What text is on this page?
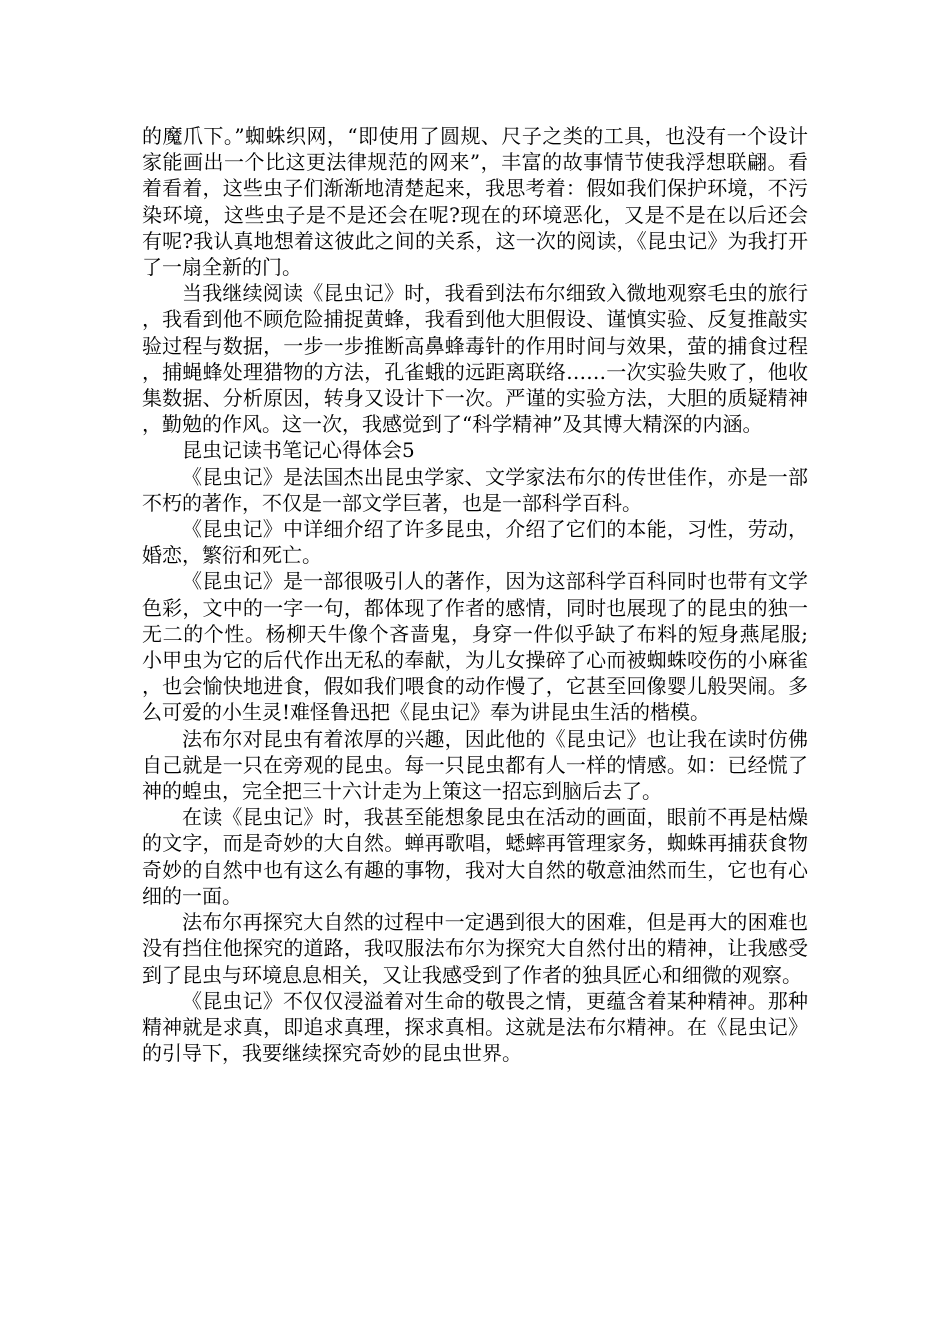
的魔爪下。”蜘蛛织网，“即使用了圆规、尺子之类的工具，也没有一个设计家能画出一个比这更法律规范的网来”，丰富的故事情节使我浮想联翩。看着看着，这些虫子们渐渐地清楚起来，我思考着：假如我们保护环境，不污染环境，这些虫子是不是还会在呢?现在的环境恶化，又是不是在以后还会有呢?我认真地想着这彼此之间的关系，这一次的阅读，《昆虫记》为我打开了一扇全新的门。

当我继续阅读《昆虫记》时，我看到法布尔细致入微地观察毛虫的旅行，我看到他不顾危险捕捉黄蜂，我看到他大胆假设、谨慎实验、反复推敲实验过程与数据，一步一步推断高鼻蜂毒针的作用时间与效果，萤的捕食过程，捕蝇蜂处理猎物的方法，孔雀蛾的远距离联络……一次实验失败了，他收集数据、分析原因，转身又设计下一次。严谨的实验方法，大胆的质疑精神，勤勉的作风。这一次，我感觉到了“科学精神”及其博大精深的内涵。

昆虫记读书笔记心得体会5

《昆虫记》是法国杰出昆虫学家、文学家法布尔的传世佳作，亦是一部不朽的著作，不仅是一部文学巨著，也是一部科学百科。

《昆虫记》中详细介绍了许多昆虫，介绍了它们的本能，习性，劳动，婚恋，繁衍和死亡。

《昆虫记》是一部很吸引人的著作，因为这部科学百科同时也带有文学色彩，文中的一字一句，都体现了作者的感情，同时也展现了的昆虫的独一无二的个性。杨柳天牛像个吝啬鬼，身穿一件似乎缺了布料的短身燕尾服;小甲虫为它的后代作出无私的奉献，为儿女操碎了心而被蜘蛛咬伤的小麻雀，也会愉快地进食，假如我们喂食的动作慢了，它甚至回像婴儿般哭闹。多么可爱的小生灵!难怪鲁迅把《昆虫记》奉为讲昆虫生活的楷模。

法布尔对昆虫有着浓厚的兴趣，因此他的《昆虫记》也让我在读时仿佛自己就是一只在旁观的昆虫。每一只昆虫都有人一样的情感。如：已经慌了神的蝗虫，完全把三十六计走为上策这一招忘到脑后去了。

在读《昆虫记》时，我甚至能想象昆虫在活动的画面，眼前不再是枯燥的文字，而是奇妙的大自然。蝉再歌唱，蟋蟀再管理家务，蜘蛛再捕获食物奇妙的自然中也有这么有趣的事物，我对大自然的敬意油然而生，它也有心细的一面。

法布尔再探究大自然的过程中一定遇到很大的困难，但是再大的困难也没有挡住他探究的道路，我叹服法布尔为探究大自然付出的精神，让我感受到了昆虫与环境息息相关，又让我感受到了作者的独具匠心和细微的观察。

《昆虫记》不仅仅浸溢着对生命的敬畏之情，更蕴含着某种精神。那种精神就是求真，即追求真理，探求真相。这就是法布尔精神。在《昆虫记》的引导下，我要继续探究奇妙的昆虫世界。
